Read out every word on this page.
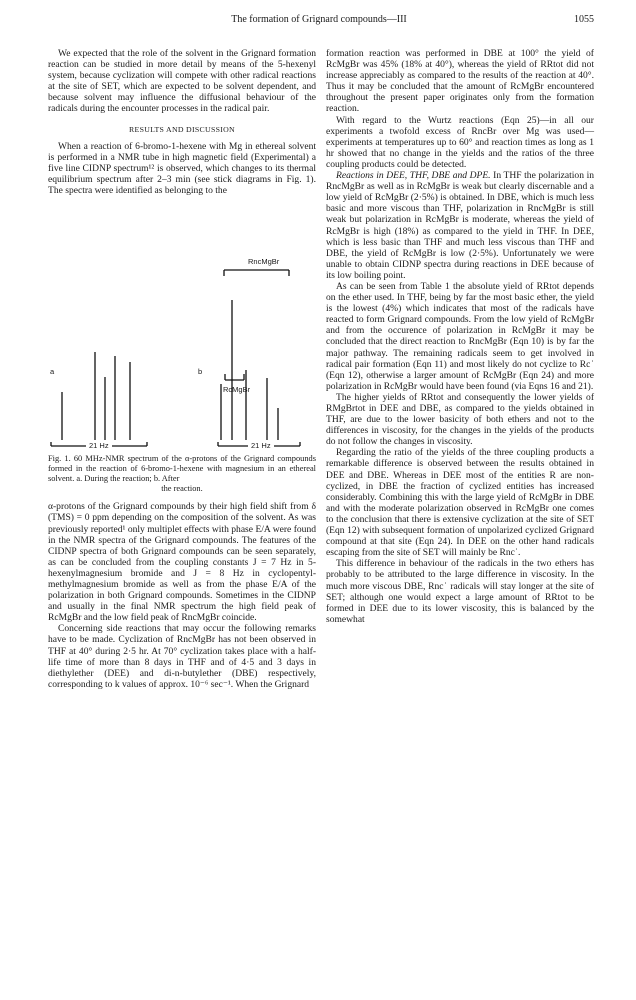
The formation of Grignard compounds—III	1055

We expected that the role of the solvent in the Grignard formation reaction can be studied in more detail by means of the 5-hexenyl system, because cyclization will compete with other radical reactions at the site of SET, which are expected to be solvent dependent, and because solvent may influence the diffusional behaviour of the radicals during the encounter processes in the radical pair.

RESULTS AND DISCUSSION

When a reaction of 6-bromo-1-hexene with Mg in ethereal solvent is performed in a NMR tube in high magnetic field (Experimental) a five line CIDNP spectrum¹² is observed, which changes to its thermal equilibrium spectrum after 2–3 min (see stick diagrams in Fig. 1). The spectra were identified as belonging to the

RncMgBr
RcMgBr
a	b
21 Hz	21 Hz
Fig. 1. 60 MHz-NMR spectrum of the α-protons of the Grignard compounds formed in the reaction of 6-bromo-1-hexene with magnesium in an ethereal solvent. a. During the reaction; b. After
the reaction.

α-protons of the Grignard compounds by their high field shift from δ (TMS) = 0 ppm depending on the composition of the solvent. As was previously reported¹ only multiplet effects with phase E/A were found in the NMR spectra of the Grignard compounds. The features of the CIDNP spectra of both Grignard compounds can be seen separately, as can be concluded from the coupling constants J = 7 Hz in 5-hexenylmagnesium bromide and J = 8 Hz in cyclopentyl-methylmagnesium bromide as well as from the phase E/A of the polarization in both Grignard compounds. Sometimes in the CIDNP and usually in the final NMR spectrum the high field peak of RcMgBr and the low field peak of RncMgBr coincide.

Concerning side reactions that may occur the following remarks have to be made. Cyclization of RncMgBr has not been observed in THF at 40° during 2·5 hr. At 70° cyclization takes place with a half-life time of more than 8 days in THF and of 4·5 and 3 days in diethylether (DEE) and di-n-butylether (DBE) respectively, corresponding to k values of approx. 10⁻⁶ sec⁻¹. When the Grignard

formation reaction was performed in DBE at 100° the yield of RcMgBr was 45% (18% at 40°), whereas the yield of RRtot did not increase appreciably as compared to the results of the reaction at 40°. Thus it may be concluded that the amount of RcMgBr encountered throughout the present paper originates only from the formation reaction.

With regard to the Wurtz reactions (Eqn 25)—in all our experiments a twofold excess of RncBr over Mg was used—experiments at temperatures up to 60° and reaction times as long as 1 hr showed that no change in the yields and the ratios of the three coupling products could be detected.

Reactions in DEE, THF, DBE and DPE. In THF the polarization in RncMgBr as well as in RcMgBr is weak but clearly discernable and a low yield of RcMgBr (2·5%) is obtained. In DBE, which is much less basic and more viscous than THF, polarization in RncMgBr is still weak but polarization in RcMgBr is moderate, whereas the yield of RcMgBr is high (18%) as compared to the yield in THF. In DEE, which is less basic than THF and much less viscous than THF and DBE, the yield of RcMgBr is low (2·5%). Unfortunately we were unable to obtain CIDNP spectra during reactions in DEE because of its low boiling point.

As can be seen from Table 1 the absolute yield of RRtot depends on the ether used. In THF, being by far the most basic ether, the yield is the lowest (4%) which indicates that most of the radicals have reacted to form Grignard compounds. From the low yield of RcMgBr and from the occurence of polarization in RcMgBr it may be concluded that the direct reaction to RncMgBr (Eqn 10) is by far the major pathway. The remaining radicals seem to get involved in radical pair formation (Eqn 11) and most likely do not cyclize to Rc˙ (Eqn 12), otherwise a larger amount of RcMgBr (Eqn 24) and more polarization in RcMgBr would have been found (via Eqns 16 and 21).

The higher yields of RRtot and consequently the lower yields of RMgBrtot in DEE and DBE, as compared to the yields obtained in THF, are due to the lower basicity of both ethers and not to the differences in viscosity, for the changes in the yields of the products do not follow the changes in viscosity.

Regarding the ratio of the yields of the three coupling products a remarkable difference is observed between the results obtained in DEE and DBE. Whereas in DEE most of the entities R are non-cyclized, in DBE the fraction of cyclized entities has increased considerably. Combining this with the large yield of RcMgBr in DBE and with the moderate polarization observed in RcMgBr one comes to the conclusion that there is extensive cyclization at the site of SET (Eqn 12) with subsequent formation of unpolarized cyclized Grignard compound at that site (Eqn 24). In DEE on the other hand radicals escaping from the site of SET will mainly be Rnc˙.

This difference in behaviour of the radicals in the two ethers has probably to be attributed to the large difference in viscosity. In the much more viscous DBE, Rnc˙ radicals will stay longer at the site of SET; although one would expect a large amount of RRtot to be formed in DEE due to its lower viscosity, this is balanced by the somewhat
